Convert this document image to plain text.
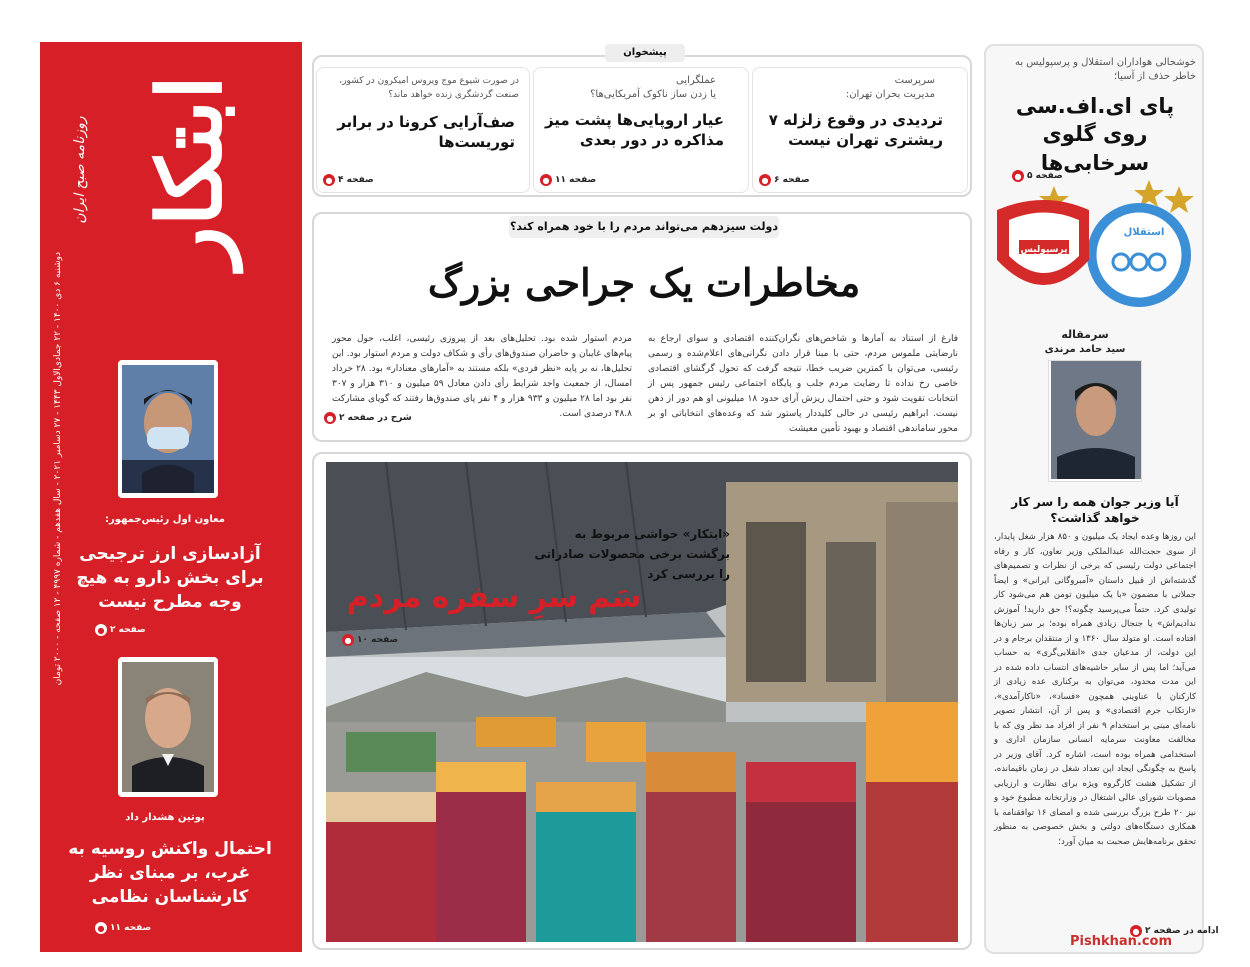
ابتکار
روزنامه صبح ایران
دوشنبه ۶ دی ۱۴۰۰ - ۲۲ جمادی‌الاول ۱۴۴۳ - ۲۷ دسامبر ۲۰۲۱ - سال هفدهم - شماره ۴۹۹۷ - ۱۲ صفحه - ۲۰۰۰ تومان
معاون اول رئیس‌جمهور:
آزادسازی ارز ترجیحی برای بخش دارو به هیچ وجه مطرح نیست
صفحه ۲
●
پوتین هشدار داد
احتمال واکنش روسیه به غرب، بر مبنای نظر کارشناسان نظامی
صفحه ۱۱
●
پیشخوان
سرپرست
مدیریت بحران تهران:
تردیدی در وقوع زلزله ۷ ریشتری تهران نیست
صفحه ۶
●
عملگرایی
یا زدن ساز ناکوک آمریکایی‌ها؟
عیار اروپایی‌ها پشت میز مذاکره در دور بعدی
صفحه ۱۱
●
در صورت شیوع موج ویروس امیکرون در کشور،
صنعت گردشگری زنده خواهد ماند؟
صف‌آرایی کرونا در برابر توریست‌ها
صفحه ۴
●
دولت سیزدهم می‌تواند مردم را با خود همراه کند؟
مخاطرات یک جراحی بزرگ
فارغ از استناد به آمارها و شاخص‌های نگران‌کننده اقتصادی و سوای ارجاع به نارضایتی ملموس مردم، حتی با مبنا قرار دادن نگرانی‌های اعلام‌شده و رسمی رئیسی، می‌توان با کمترین ضریب خطا، نتیجه گرفت که تحول گرگشای اقتصادی خاصی رخ نداده تا رضایت مردم جلب و پایگاه اجتماعی رئیس جمهور پس از انتخابات تقویت شود و حتی احتمال ریزش آرای حدود ۱۸ میلیونی او هم دور از ذهن نیست. ابراهیم رئیسی در حالی کلیددار پاستور شد که وعده‌های انتخاباتی او بر محور ساماندهی اقتصاد و بهبود تأمین معیشت
مردم استوار شده بود. تحلیل‌های بعد از پیروزی رئیسی، اغلب، حول محور پیام‌های غایبان و حاضران صندوق‌های رأی و شکاف دولت و مردم استوار بود. این تحلیل‌ها، نه بر پایه «نظر فردی» بلکه مستند به «آمارهای معنادار» بود. ۲۸ خرداد امسال، از جمعیت واجد شرایط رأی دادن معادل ۵۹ میلیون و ۳۱۰ هزار و ۳۰۷ نفر بود اما ۲۸ میلیون و ۹۳۳ هزار و ۴ نفر پای صندوق‌ها رفتند که گویای مشارکت ۴۸.۸ درصدی است.
شرح در صفحه ۲
●
«ابتکار» حواشی مربوط به برگشت برخی محصولات صادراتی را بررسی کرد
سَم سرِ سفره مردم
صفحه ۱۰
●
خوشحالی هواداران استقلال و پرسپولیس به خاطر حذف از آسیا؛
پای ای.اف.سی روی گلوی سرخابی‌ها
صفحه ۵
●
استقلال
پرسپولیس
سرمقاله
سید حامد مرندی
آیا وزیر جوان همه را سر کار خواهد گذاشت؟
این روزها وعده ایجاد یک میلیون و ۸۵۰ هزار شغل پایدار، از سوی حجت‌الله عبدالملکی وزیر تعاون، کار و رفاه اجتماعی دولت رئیسی که برخی از نظرات و تصمیم‌های گذشته‌اش از قبیل داستان «آمبروگانی ایرانی» و ایضاً جملاتی با مضمون «با یک میلیون تومن هم می‌شود کار تولیدی کرد. حتماً می‌پرسید چگونه؟! حق دارید! آموزش ندادیم‌اش» یا جنجال زیادی همراه بوده؛ بر سر زبان‌ها افتاده است. او متولد سال ۱۳۶۰ و از منتقدان برجام و در این دولت، از مدعیان جدی «انقلابی‌گری» به حساب می‌آید؛ اما پس از سایر حاشیه‌های انتساب داده شده در این مدت محدود، می‌توان به برکناری عده‌ زیادی از کارکنان با عناوینی همچون «فساد»، «ناکارآمدی»، «ارتکاب جرم اقتصادی» و پس از آن، انتشار تصویر نامه‌ای مبنی بر استخدام ۹ نفر از افراد مد نظر وی که با مخالفت معاونت سرمایه انسانی سازمان اداری و استخدامی همراه بوده است، اشاره کرد. آقای وزیر در پاسخ به چگونگی ایجاد این تعداد شغل در زمان باقیمانده، از تشکیل هشت کارگروه ویژه برای نظارت و ارزیابی مصوبات شورای عالی اشتغال در وزارتخانه مطبوع خود و نیز ۲۰ طرح بزرگ بررسی شده و امضای ۱۶ توافقنامه با همکاری دستگاه‌های دولتی و بخش خصوصی به منظور تحقق برنامه‌هایش صحبت به میان آورد؛
ادامه در صفحه ۲
●
Pishkhan.com
